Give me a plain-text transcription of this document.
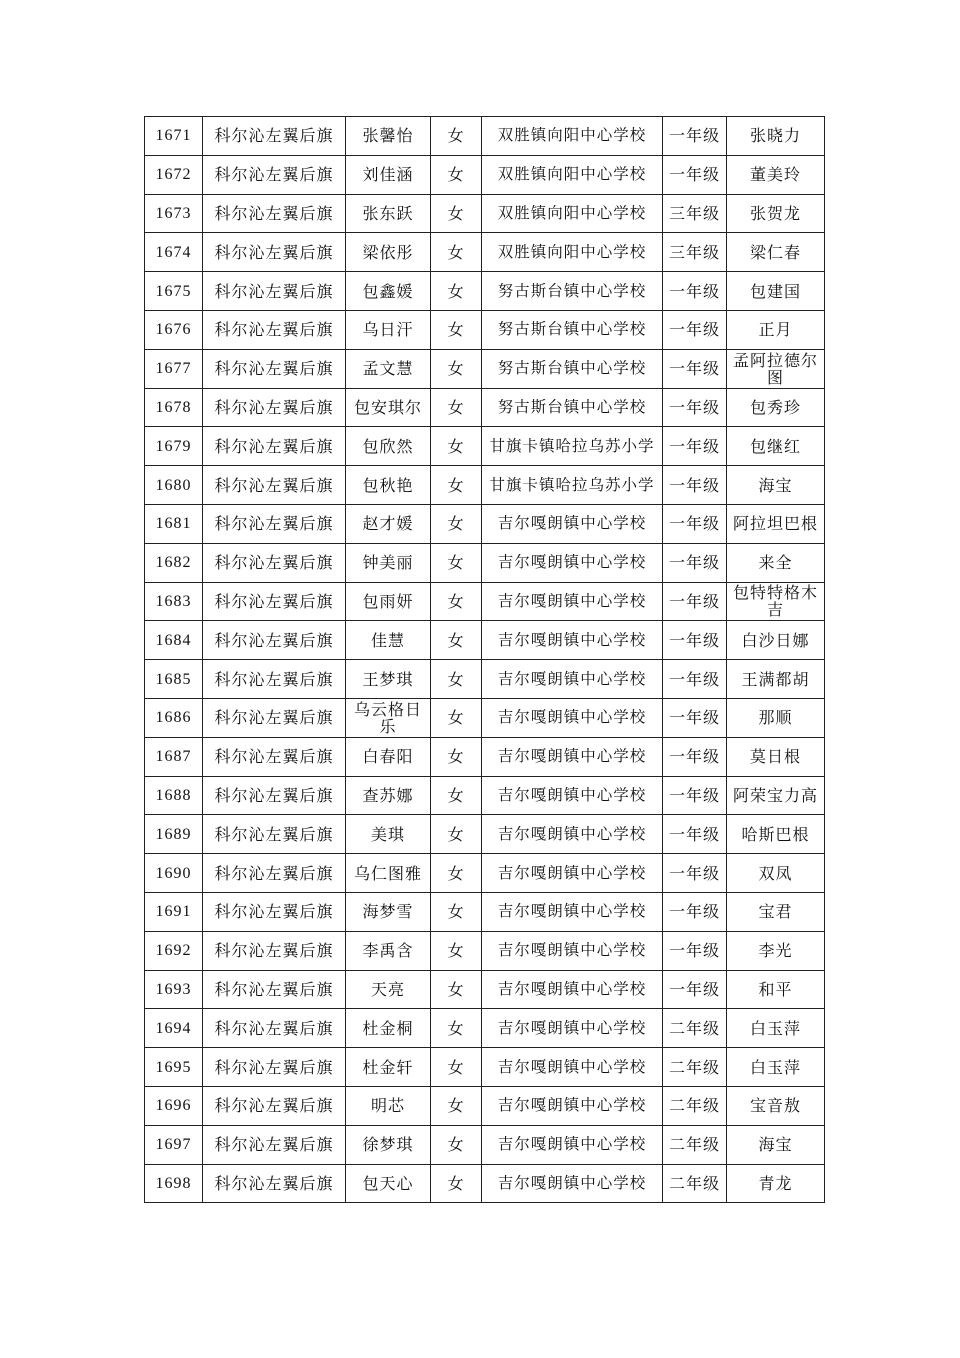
1671	科尔沁左翼后旗	张馨怡	女	双胜镇向阳中心学校	一年级	张晓力
1672	科尔沁左翼后旗	刘佳涵	女	双胜镇向阳中心学校	一年级	董美玲
1673	科尔沁左翼后旗	张东跃	女	双胜镇向阳中心学校	三年级	张贺龙
1674	科尔沁左翼后旗	梁依彤	女	双胜镇向阳中心学校	三年级	梁仁春
1675	科尔沁左翼后旗	包鑫媛	女	努古斯台镇中心学校	一年级	包建国
1676	科尔沁左翼后旗	乌日汗	女	努古斯台镇中心学校	一年级	正月
1677	科尔沁左翼后旗	孟文慧	女	努古斯台镇中心学校	一年级	孟阿拉德尔图
1678	科尔沁左翼后旗	包安琪尔	女	努古斯台镇中心学校	一年级	包秀珍
1679	科尔沁左翼后旗	包欣然	女	甘旗卡镇哈拉乌苏小学	一年级	包继红
1680	科尔沁左翼后旗	包秋艳	女	甘旗卡镇哈拉乌苏小学	一年级	海宝
1681	科尔沁左翼后旗	赵才媛	女	吉尔嘎朗镇中心学校	一年级	阿拉坦巴根
1682	科尔沁左翼后旗	钟美丽	女	吉尔嘎朗镇中心学校	一年级	来全
1683	科尔沁左翼后旗	包雨妍	女	吉尔嘎朗镇中心学校	一年级	包特特格木吉
1684	科尔沁左翼后旗	佳慧	女	吉尔嘎朗镇中心学校	一年级	白沙日娜
1685	科尔沁左翼后旗	王梦琪	女	吉尔嘎朗镇中心学校	一年级	王满都胡
1686	科尔沁左翼后旗	乌云格日乐	女	吉尔嘎朗镇中心学校	一年级	那顺
1687	科尔沁左翼后旗	白春阳	女	吉尔嘎朗镇中心学校	一年级	莫日根
1688	科尔沁左翼后旗	查苏娜	女	吉尔嘎朗镇中心学校	一年级	阿荣宝力高
1689	科尔沁左翼后旗	美琪	女	吉尔嘎朗镇中心学校	一年级	哈斯巴根
1690	科尔沁左翼后旗	乌仁图雅	女	吉尔嘎朗镇中心学校	一年级	双凤
1691	科尔沁左翼后旗	海梦雪	女	吉尔嘎朗镇中心学校	一年级	宝君
1692	科尔沁左翼后旗	李禹含	女	吉尔嘎朗镇中心学校	一年级	李光
1693	科尔沁左翼后旗	天亮	女	吉尔嘎朗镇中心学校	一年级	和平
1694	科尔沁左翼后旗	杜金桐	女	吉尔嘎朗镇中心学校	二年级	白玉萍
1695	科尔沁左翼后旗	杜金轩	女	吉尔嘎朗镇中心学校	二年级	白玉萍
1696	科尔沁左翼后旗	明芯	女	吉尔嘎朗镇中心学校	二年级	宝音敖
1697	科尔沁左翼后旗	徐梦琪	女	吉尔嘎朗镇中心学校	二年级	海宝
1698	科尔沁左翼后旗	包天心	女	吉尔嘎朗镇中心学校	二年级	青龙
